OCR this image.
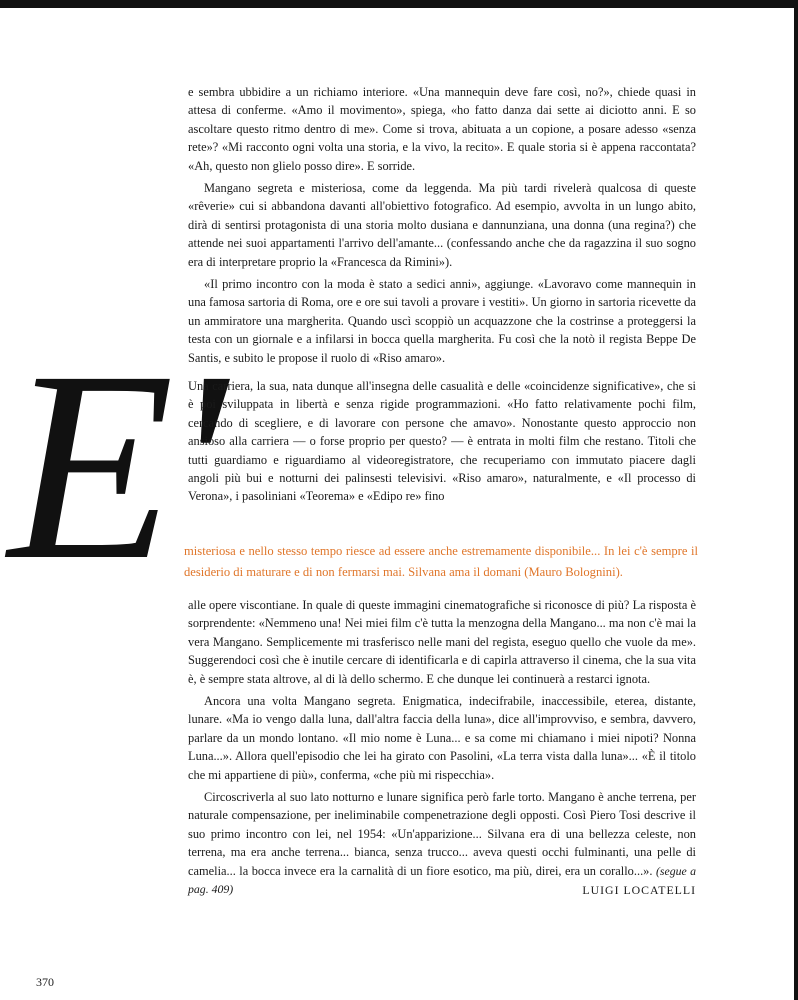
e sembra ubbidire a un richiamo interiore. «Una mannequin deve fare così, no?», chiede quasi in attesa di conferme. «Amo il movimento», spiega, «ho fatto danza dai sette ai diciotto anni. E so ascoltare questo ritmo dentro di me». Come si trova, abituata a un copione, a posare adesso «senza rete»? «Mi racconto ogni volta una storia, e la vivo, la recito». E quale storia si è appena raccontata? «Ah, questo non glielo posso dire». E sorride.

Mangano segreta e misteriosa, come da leggenda. Ma più tardi rivelerà qualcosa di queste «rêverie» cui si abbandona davanti all'obiettivo fotografico. Ad esempio, avvolta in un lungo abito, dirà di sentirsi protagonista di una storia molto dusiana e dannunziana, una donna (una regina?) che attende nei suoi appartamenti l'arrivo dell'amante... (confessando anche che da ragazzina il suo sogno era di interpretare proprio la «Francesca da Rimini»).

«Il primo incontro con la moda è stato a sedici anni», aggiunge. «Lavoravo come mannequin in una famosa sartoria di Roma, ore e ore sui tavoli a provare i vestiti». Un giorno in sartoria ricevette da un ammiratore una margherita. Quando uscì scoppiò un acquazzone che la costrinse a proteggersi la testa con un giornale e a infilarsi in bocca quella margherita. Fu così che la notò il regista Beppe De Santis, e subito le propose il ruolo di «Riso amaro».

E'

Una carriera, la sua, nata dunque all'insegna delle casualità e delle «coincidenze significative», che si è poi sviluppata in libertà e senza rigide programmazioni. «Ho fatto relativamente pochi film, cercando di scegliere, e di lavorare con persone che amavo». Nonostante questo approccio non ansioso alla carriera — o forse proprio per questo? — è entrata in molti film che restano. Titoli che tutti guardiamo e riguardiamo al videoregistratore, che recuperiamo con immutato piacere dagli angoli più bui e notturni dei palinsesti televisivi. «Riso amaro», naturalmente, e «Il processo di Verona», i pasoliniani «Teorema» e «Edipo re» fino

misteriosa e nello stesso tempo riesce ad essere anche estremamente disponibile... In lei c'è sempre il desiderio di maturare e di non fermarsi mai. Silvana ama il domani (Mauro Bolognini).

alle opere viscontiane. In quale di queste immagini cinematografiche si riconosce di più? La risposta è sorprendente: «Nemmeno una! Nei miei film c'è tutta la menzogna della Mangano... ma non c'è mai la vera Mangano. Semplicemente mi trasferisco nelle mani del regista, eseguo quello che vuole da me». Suggerendoci così che è inutile cercare di identificarla e di capirla attraverso il cinema, che la sua vita è, è sempre stata altrove, al di là dello schermo. E che dunque lei continuerà a restarci ignota.

Ancora una volta Mangano segreta. Enigmatica, indecifrabile, inaccessibile, eterea, distante, lunare. «Ma io vengo dalla luna, dall'altra faccia della luna», dice all'improvviso, e sembra, davvero, parlare da un mondo lontano. «Il mio nome è Luna... e sa come mi chiamano i miei nipoti? Nonna Luna...». Allora quell'episodio che lei ha girato con Pasolini, «La terra vista dalla luna»... «È il titolo che mi appartiene di più», conferma, «che più mi rispecchia».

Circoscriverla al suo lato notturno e lunare significa però farle torto. Mangano è anche terrena, per naturale compensazione, per ineliminabile compenetrazione degli opposti. Così Piero Tosi descrive il suo primo incontro con lei, nel 1954: «Un'apparizione... Silvana era di una bellezza celeste, non terrena, ma era anche terrena... bianca, senza trucco... aveva questi occhi fulminanti, una pelle di camelia... la bocca invece era la carnalità di un fiore esotico, ma più, direi, era un corallo...». (segue a pag. 409)	LUIGI LOCATELLI
370
